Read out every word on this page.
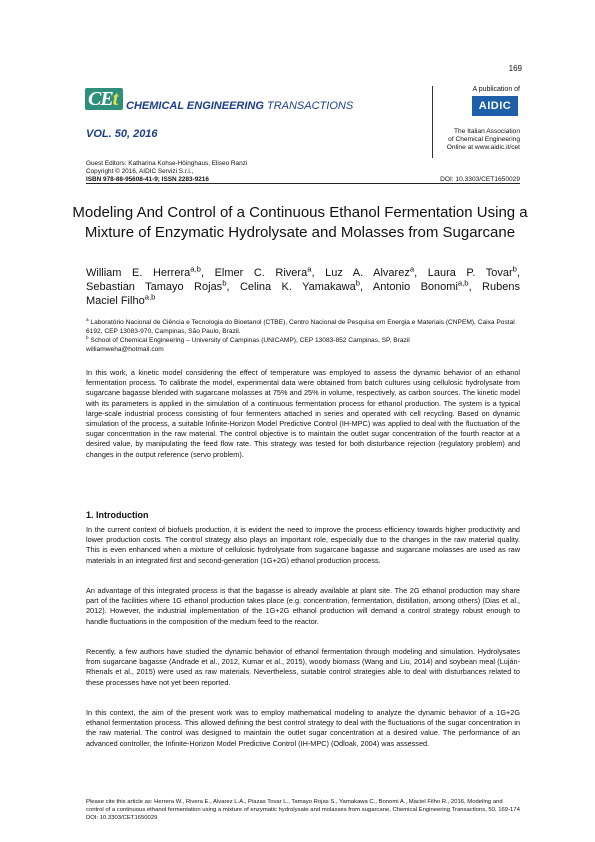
169
CEt CHEMICAL ENGINEERING TRANSACTIONS
VOL. 50, 2016
A publication of
AIDIC
The Italian Association
of Chemical Engineering
Online at www.aidic.it/cet
Guest Editors: Katharina Kohse-Höinghaus, Eliseo Ranzi
Copyright © 2016, AIDIC Servizi S.r.l.,
ISBN 978-88-95608-41-9; ISSN 2283-9216	DOI: 10.3303/CET1650029
Modeling And Control of a Continuous Ethanol Fermentation Using a Mixture of Enzymatic Hydrolysate and Molasses from Sugarcane
William E. Herrera$^{a,b}$, Elmer C. Rivera$^a$, Luz A. Alvarez$^a$, Laura P. Tovar$^b$,
Sebastian Tamayo Rojas$^b$, Celina K. Yamakawa$^b$, Antonio Bonomi$^{a,b}$, Rubens
Maciel Filho$^{a,b}$
$^a$ Laboratório Nacional de Ciência e Tecnologia do Bioetanol (CTBE), Centro Nacional de Pesquisa em Energia e Materiais (CNPEM), Caixa Postal 6192, CEP 13083-970, Campinas, São Paulo, Brazil.
$^b$ School of Chemical Engineering – University of Campinas (UNICAMP), CEP 13083-852 Campinas, SP, Brazil
williamweha@hotmail.com
In this work, a kinetic model considering the effect of temperature was employed to assess the dynamic behavior of an ethanol fermentation process. To calibrate the model, experimental data were obtained from batch cultures using cellulosic hydrolysate from sugarcane bagasse blended with sugarcane molasses at 75% and 25% in volume, respectively, as carbon sources. The kinetic model with its parameters is applied in the simulation of a continuous fermentation process for ethanol production. The system is a typical large-scale industrial process consisting of four fermenters attached in series and operated with cell recycling. Based on dynamic simulation of the process, a suitable Infinite-Horizon Model Predictive Control (IH-MPC) was applied to deal with the fluctuation of the sugar concentration in the raw material. The control objective is to maintain the outlet sugar concentration of the fourth reactor at a desired value, by manipulating the feed flow rate. This strategy was tested for both disturbance rejection (regulatory problem) and changes in the output reference (servo problem).
1. Introduction
In the current context of biofuels production, it is evident the need to improve the process efficiency towards higher productivity and lower production costs. The control strategy also plays an important role, especially due to the changes in the raw material quality. This is even enhanced when a mixture of cellulosic hydrolysate from sugarcane bagasse and sugarcane molasses are used as raw materials in an integrated first and second-generation (1G+2G) ethanol production process.
An advantage of this integrated process is that the bagasse is already available at plant site. The 2G ethanol production may share part of the facilities where 1G ethanol production takes place (e.g. concentration, fermentation, distillation, among others) (Dias et al., 2012). However, the industrial implementation of the 1G+2G ethanol production will demand a control strategy robust enough to handle fluctuations in the composition of the medium feed to the reactor.
Recently, a few authors have studied the dynamic behavior of ethanol fermentation through modeling and simulation. Hydrolysates from sugarcane bagasse (Andrade et al., 2012, Kumar et al., 2015), woody biomass (Wang and Liu, 2014) and soybean meal (Luján-Rhenals et al., 2015) were used as raw materials. Nevertheless, suitable control strategies able to deal with disturbances related to these processes have not yet been reported.
In this context, the aim of the present work was to employ mathematical modeling to analyze the dynamic behavior of a 1G+2G ethanol fermentation process. This allowed defining the best control strategy to deal with the fluctuations of the sugar concentration in the raw material. The control was designed to maintain the outlet sugar concentration at a desired value. The performance of an advanced controller, the Infinite-Horizon Model Predictive Control (IH-MPC) (Odloak, 2004) was assessed.
Please cite this article as: Herrera W., Rivera E., Alvarez L.A., Piazas Tovar L., Tamayo Rojas S., Yamakawa C., Bonomi A., Maciel Filho R., 2016, Modeling and control of a continuous ethanol fermentation using a mixture of enzymatic hydrolysate and molasses from sugarcane, Chemical Engineering Transactions, 50, 169-174 DOI: 10.3303/CET1650029
